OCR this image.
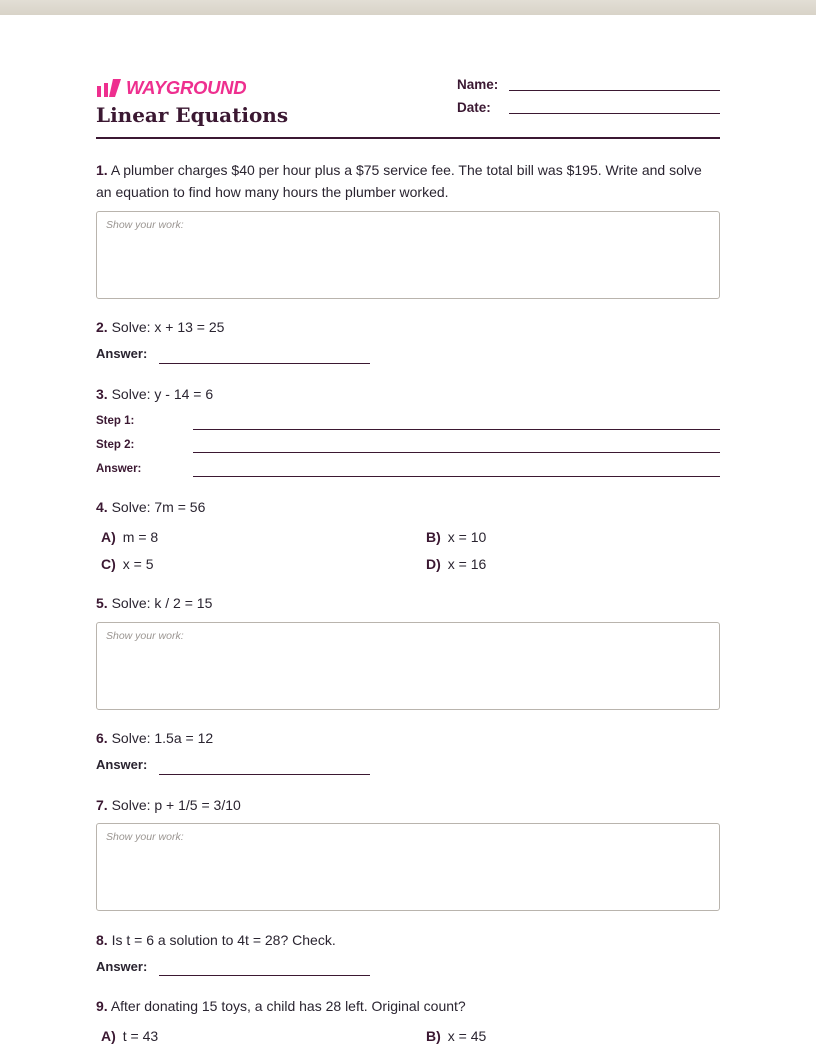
WAYGROUND
Linear Equations
Name:
Date:
1. A plumber charges $40 per hour plus a $75 service fee. The total bill was $195. Write and solve an equation to find how many hours the plumber worked.
Show your work:
2. Solve: x + 13 = 25
Answer:
3. Solve: y - 14 = 6
Step 1:
Step 2:
Answer:
4. Solve: 7m = 56
A) m = 8	B) x = 10
C) x = 5	D) x = 16
5. Solve: k / 2 = 15
Show your work:
6. Solve: 1.5a = 12
Answer:
7. Solve: p + 1/5 = 3/10
Show your work:
8. Is t = 6 a solution to 4t = 28? Check.
Answer:
9. After donating 15 toys, a child has 28 left. Original count?
A) t = 43	B) x = 45
